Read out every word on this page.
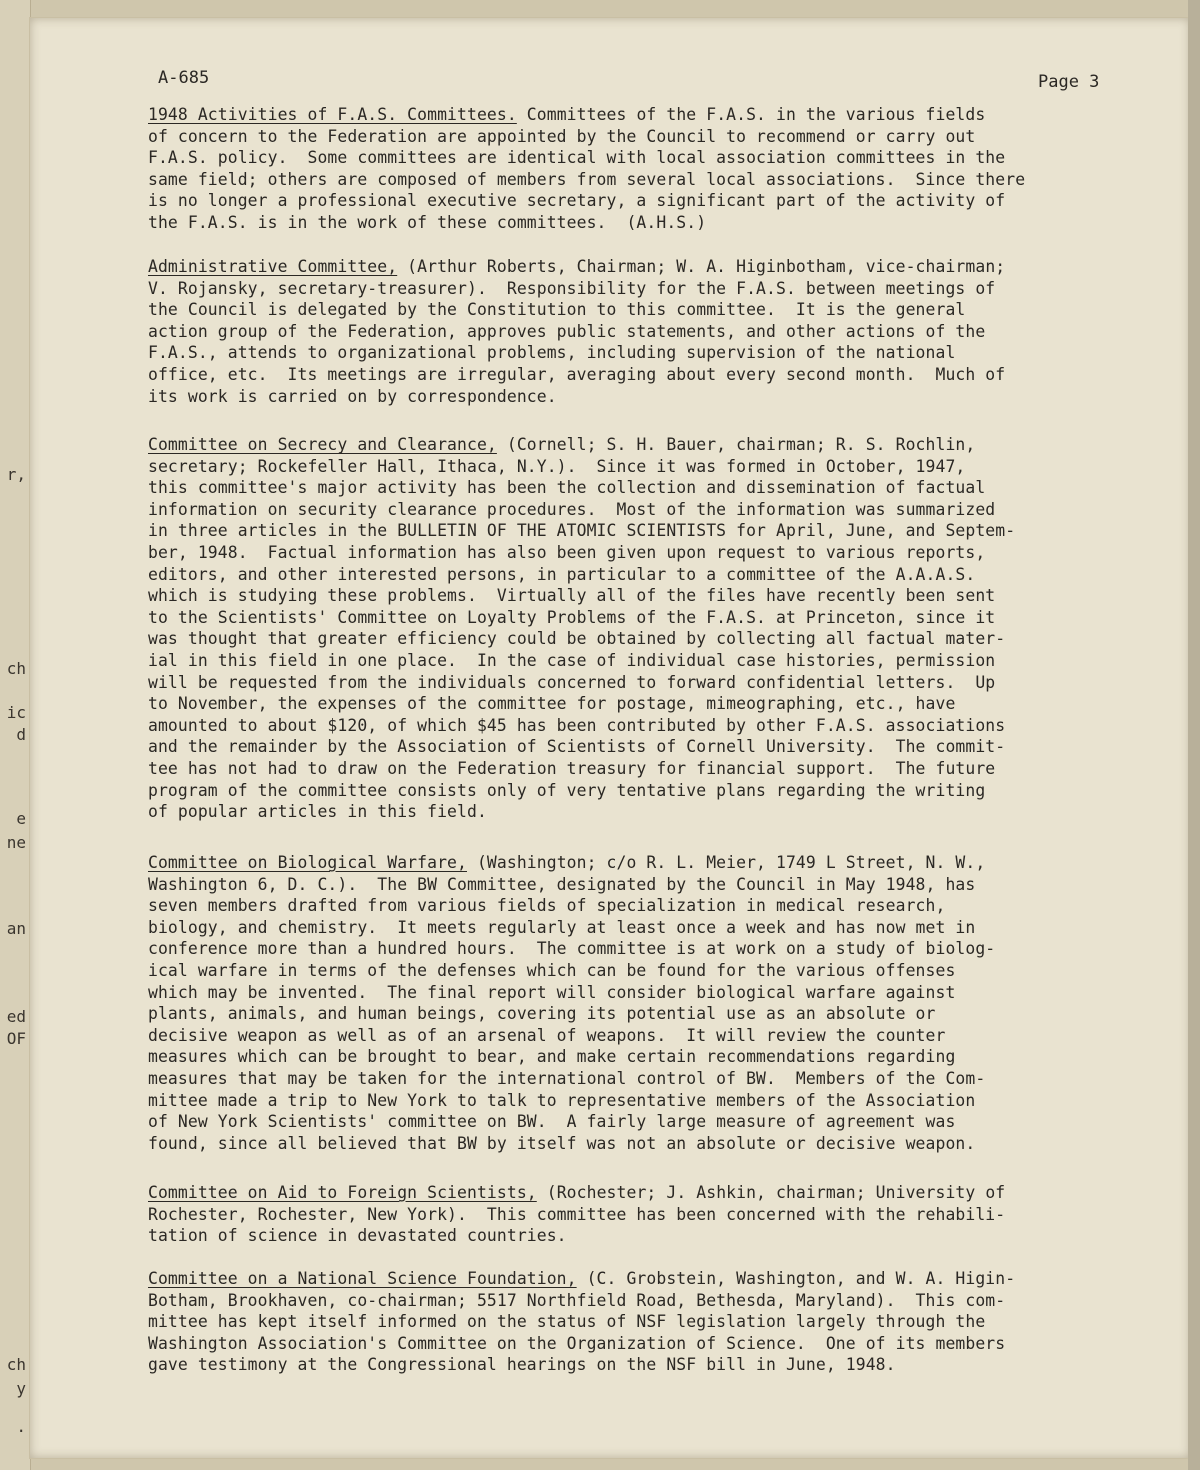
r,
ch
ic
d
e
ne
an
ed
OF
ch
y
.
A-685	Page 3
1948 Activities of F.A.S. Committees. Committees of the F.A.S. in the various fields
of concern to the Federation are appointed by the Council to recommend or carry out
F.A.S. policy.  Some committees are identical with local association committees in the
same field; others are composed of members from several local associations.  Since there
is no longer a professional executive secretary, a significant part of the activity of
the F.A.S. is in the work of these committees.  (A.H.S.)
Administrative Committee, (Arthur Roberts, Chairman; W. A. Higinbotham, vice-chairman;
V. Rojansky, secretary-treasurer).  Responsibility for the F.A.S. between meetings of
the Council is delegated by the Constitution to this committee.  It is the general
action group of the Federation, approves public statements, and other actions of the
F.A.S., attends to organizational problems, including supervision of the national
office, etc.  Its meetings are irregular, averaging about every second month.  Much of
its work is carried on by correspondence.
Committee on Secrecy and Clearance, (Cornell; S. H. Bauer, chairman; R. S. Rochlin,
secretary; Rockefeller Hall, Ithaca, N.Y.).  Since it was formed in October, 1947,
this committee's major activity has been the collection and dissemination of factual
information on security clearance procedures.  Most of the information was summarized
in three articles in the BULLETIN OF THE ATOMIC SCIENTISTS for April, June, and Septem-
ber, 1948.  Factual information has also been given upon request to various reports,
editors, and other interested persons, in particular to a committee of the A.A.A.S.
which is studying these problems.  Virtually all of the files have recently been sent
to the Scientists' Committee on Loyalty Problems of the F.A.S. at Princeton, since it
was thought that greater efficiency could be obtained by collecting all factual mater-
ial in this field in one place.  In the case of individual case histories, permission
will be requested from the individuals concerned to forward confidential letters.  Up
to November, the expenses of the committee for postage, mimeographing, etc., have
amounted to about $120, of which $45 has been contributed by other F.A.S. associations
and the remainder by the Association of Scientists of Cornell University.  The commit-
tee has not had to draw on the Federation treasury for financial support.  The future
program of the committee consists only of very tentative plans regarding the writing
of popular articles in this field.
Committee on Biological Warfare, (Washington; c/o R. L. Meier, 1749 L Street, N. W.,
Washington 6, D. C.).  The BW Committee, designated by the Council in May 1948, has
seven members drafted from various fields of specialization in medical research,
biology, and chemistry.  It meets regularly at least once a week and has now met in
conference more than a hundred hours.  The committee is at work on a study of biolog-
ical warfare in terms of the defenses which can be found for the various offenses
which may be invented.  The final report will consider biological warfare against
plants, animals, and human beings, covering its potential use as an absolute or
decisive weapon as well as of an arsenal of weapons.  It will review the counter
measures which can be brought to bear, and make certain recommendations regarding
measures that may be taken for the international control of BW.  Members of the Com-
mittee made a trip to New York to talk to representative members of the Association
of New York Scientists' committee on BW.  A fairly large measure of agreement was
found, since all believed that BW by itself was not an absolute or decisive weapon.
Committee on Aid to Foreign Scientists, (Rochester; J. Ashkin, chairman; University of
Rochester, Rochester, New York).  This committee has been concerned with the rehabili-
tation of science in devastated countries.
Committee on a National Science Foundation, (C. Grobstein, Washington, and W. A. Higin-
Botham, Brookhaven, co-chairman; 5517 Northfield Road, Bethesda, Maryland).  This com-
mittee has kept itself informed on the status of NSF legislation largely through the
Washington Association's Committee on the Organization of Science.  One of its members
gave testimony at the Congressional hearings on the NSF bill in June, 1948.
